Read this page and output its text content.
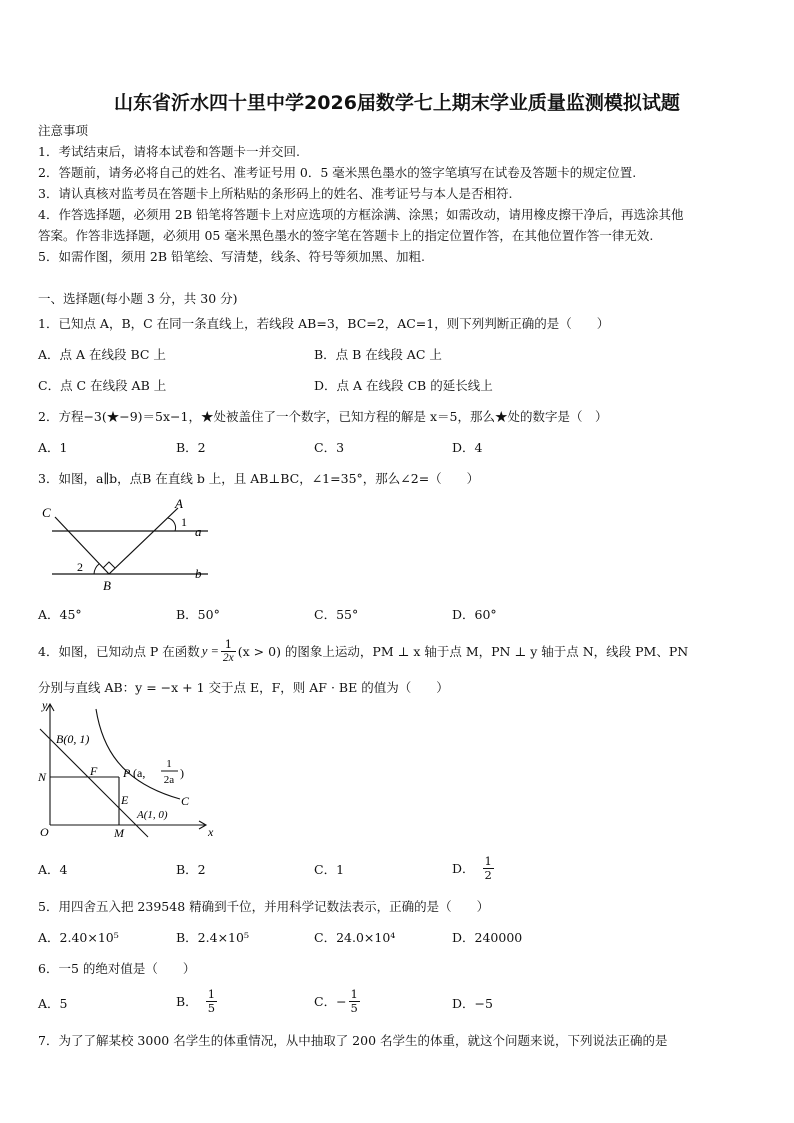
山东省沂水四十里中学2026届数学七上期末学业质量监测模拟试题
注意事项
1．考试结束后，请将本试卷和答题卡一并交回.
2．答题前，请务必将自己的姓名、准考证号用 0．5 毫米黑色墨水的签字笔填写在试卷及答题卡的规定位置.
3．请认真核对监考员在答题卡上所粘贴的条形码上的姓名、准考证号与本人是否相符.
4．作答选择题，必须用 2B 铅笔将答题卡上对应选项的方框涂满、涂黑；如需改动，请用橡皮擦干净后，再选涂其他
答案。作答非选择题，必须用 05 毫米黑色墨水的签字笔在答题卡上的指定位置作答，在其他位置作答一律无效.
5．如需作图，须用 2B 铅笔绘、写清楚，线条、符号等须加黑、加粗.
一、选择题(每小题 3 分，共 30 分)
1．已知点 A，B，C 在同一条直线上，若线段 AB=3，BC=2，AC=1，则下列判断正确的是（　　）
A．点 A 在线段 BC 上	B．点 B 在线段 AC 上
C．点 C 在线段 AB 上	D．点 A 在线段 CB 的延长线上
2．方程−3(★−9)＝5x−1，★处被盖住了一个数字，已知方程的解是 x＝5，那么★处的数字是（　）
A．1	B．2	C．3	D．4
3．如图，a∥b，点B 在直线 b 上，且 AB⊥BC，∠1=35°，那么∠2=（　　）
C
A
1
a
2
B
b
A．45°	B．50°	C．55°	D．60°
4．如图，已知动点 P 在函数 $y = \frac{1}{2x} (x > 0)$ 的图象上运动，PM ⊥ x 轴于点 M，PN ⊥ y 轴于点 N，线段 PM、PN
分别与直线 AB：y = −x + 1 交于点 E，F，则 AF · BE 的值为（　　）
y
x
O
B(0, 1)
N	F P (a,
1
2a )
E	C
A(1, 0)
M
A．4	B．2	C．1	D． $\frac{1}{2}$
5．用四舍五入把 239548 精确到千位，并用科学记数法表示，正确的是（　　）
A．2.40×10⁵	B．2.4×10⁵	C．24.0×10⁴	D．240000
6．一5 的绝对值是（　　）
A．5	B． $\frac{1}{5}$	C．− $\frac{1}{5}$	D．−5
7．为了了解某校 3000 名学生的体重情况，从中抽取了 200 名学生的体重，就这个问题来说，下列说法正确的是
